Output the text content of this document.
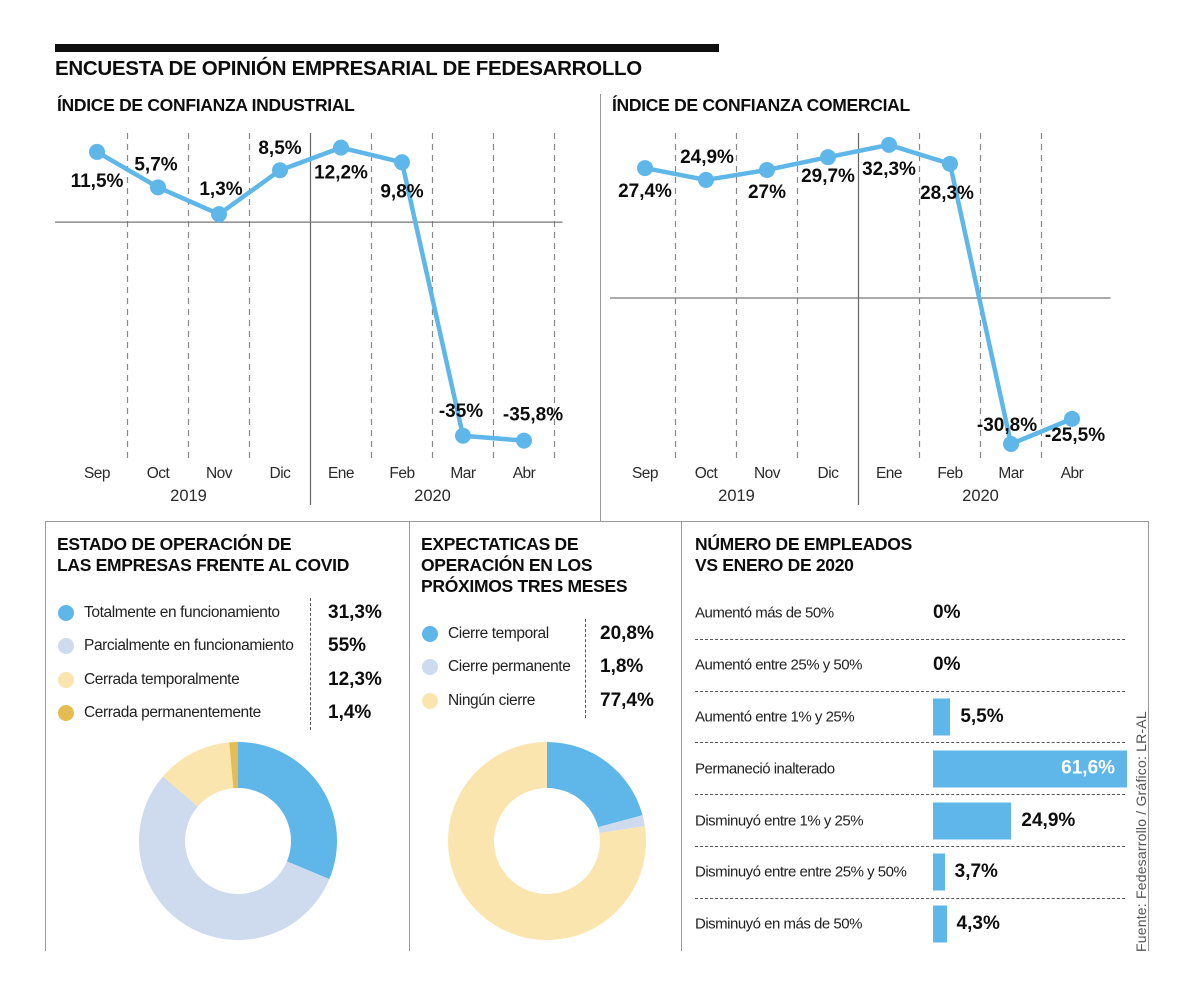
ENCUESTA DE OPINIÓN EMPRESARIAL DE FEDESARROLLO
ÍNDICE DE CONFIANZA INDUSTRIAL	ÍNDICE DE CONFIANZA COMERCIAL
11,5%
5,7%
1,3%
8,5%
12,2%
9,8%
-35% -35,8%
Sep Oct Nov Dic Ene Feb Mar Abr
2019	2020
27,4%
24,9%
27%
29,7% 32,3%
28,3%
-30,8% -25,5%
Sep Oct Nov Dic Ene Feb Mar Abr
2019	2020
ESTADO DE OPERACIÓN DE
LAS EMPRESAS FRENTE AL COVID
EXPECTATICAS DE
OPERACIÓN EN LOS
PRÓXIMOS TRES MESES
NÚMERO DE EMPLEADOS
VS ENERO DE 2020
Totalmente en funcionamiento	31,3%
Parcialmente en funcionamiento 55%
Cerrada temporalmente	12,3%
Cerrada permanentemente	1,4%
Cierre temporal	20,8%
Cierre permanente 1,8%
Ningún cierre	77,4%
Aumentó más de 50%	0%
Aumentó entre 25% y 50%	0%
Aumentó entre 1% y 25%	5,5%
Permaneció inalterado	61,6%
Disminuyó entre 1% y 25%	24,9%
Disminuyó entre entre 25% y 50%	3,7%
Disminuyó en más de 50%	4,3%	Fuente: Fedesarrollo / Gráfico: LR-AL
